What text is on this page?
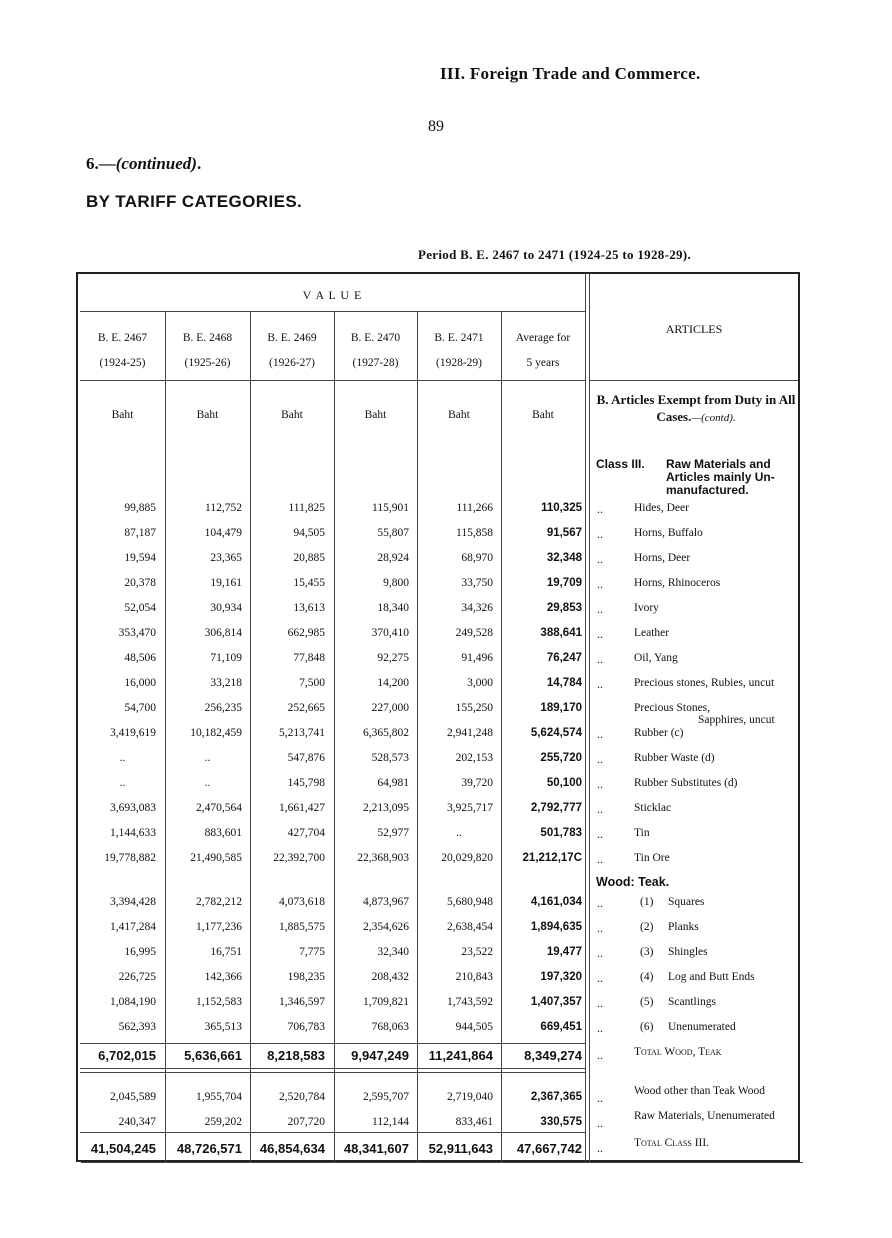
III. Foreign Trade and Commerce.
89
6.—(continued).
BY TARIFF CATEGORIES.
Period B. E. 2467 to 2471 (1924-25 to 1928-29).
V A L U E
ARTICLES
B. E. 2467
(1924-25)
Baht
B. E. 2468
(1925-26)
Baht
B. E. 2469
(1926-27)
Baht
B. E. 2470
(1927-28)
Baht
B. E. 2471
(1928-29)
Baht
Average for
5 years
Baht
B. Articles Exempt from Duty in All Cases.—(contd).
Class III. Raw Materials and
Articles mainly Un-
manufactured.
Wood: Teak.
99,885	112,752	111,825	115,901	111,266	110,325 ..	Hides, Deer
87,187	104,479	94,505	55,807	115,858	91,567 ..	Horns, Buffalo
19,594	23,365	20,885	28,924	68,970	32,348 ..	Horns, Deer
20,378	19,161	15,455	9,800	33,750	19,709 ..	Horns, Rhinoceros
52,054	30,934	13,613	18,340	34,326	29,853 ..	Ivory
353,470	306,814	662,985	370,410	249,528	388,641 ..	Leather
48,506	71,109	77,848	92,275	91,496	76,247 ..	Oil, Yang
16,000	33,218	7,500	14,200	3,000	14,784 ..	Precious stones, Rubies, uncut
54,700	256,235	252,665	227,000	155,250	189,170	Precious Stones,
Sapphires, uncut
3,419,619	10,182,459	5,213,741	6,365,802	2,941,248	5,624,574 ..	Rubber (c)
..	..	547,876	528,573	202,153	255,720 ..	Rubber Waste (d)
..	..	145,798	64,981	39,720	50,100 ..	Rubber Substitutes (d)
3,693,083	2,470,564	1,661,427	2,213,095	3,925,717	2,792,777 ..	Sticklac
1,144,633	883,601	427,704	52,977	..	501,783 ..	Tin
19,778,882	21,490,585	22,392,700	22,368,903	20,029,820	21,212,17C ..	Tin Ore
3,394,428	2,782,212	4,073,618	4,873,967	5,680,948	4,161,034 ..	(1) Squares
1,417,284	1,177,236	1,885,575	2,354,626	2,638,454	1,894,635 ..	(2) Planks
16,995	16,751	7,775	32,340	23,522	19,477 ..	(3) Shingles
226,725	142,366	198,235	208,432	210,843	197,320 ..	(4) Log and Butt Ends
1,084,190	1,152,583	1,346,597	1,709,821	1,743,592	1,407,357 ..	(5) Scantlings
562,393	365,513	706,783	768,063	944,505	669,451 ..	(6) Unenumerated
6,702,015	5,636,661	8,218,583	9,947,249	11,241,864	8,349,274 ..	Total Wood, Teak
2,045,589	1,955,704	2,520,784	2,595,707	2,719,040	2,367,365 ..	Wood other than Teak Wood
240,347	259,202	207,720	112,144	833,461	330,575 ..	Raw Materials, Unenumerated
41,504,245	48,726,571	46,854,634	48,341,607	52,911,643	47,667,742 ..	Total Class III.
